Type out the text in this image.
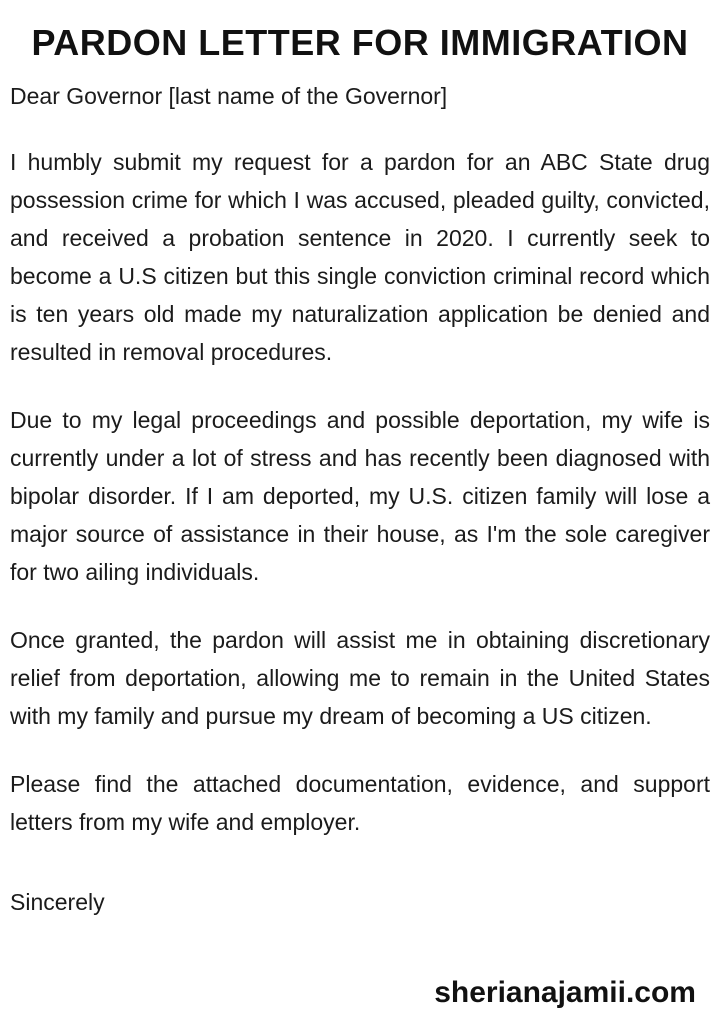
PARDON LETTER FOR IMMIGRATION

Dear Governor [last name of the Governor]

I humbly submit my request for a pardon for an ABC State drug possession crime for which I was accused, pleaded guilty, convicted, and received a probation sentence in 2020. I currently seek to become a U.S citizen but this single conviction criminal record which is ten years old made my naturalization application be denied and resulted in removal procedures.

Due to my legal proceedings and possible deportation, my wife is currently under a lot of stress and has recently been diagnosed with bipolar disorder. If I am deported, my U.S. citizen family will lose a major source of assistance in their house, as I'm the sole caregiver for two ailing individuals.

Once granted, the pardon will assist me in obtaining discretionary relief from deportation, allowing me to remain in the United States with my family and pursue my dream of becoming a US citizen.

Please find the attached documentation, evidence, and support letters from my wife and employer.

Sincerely

sherianajamii.com
